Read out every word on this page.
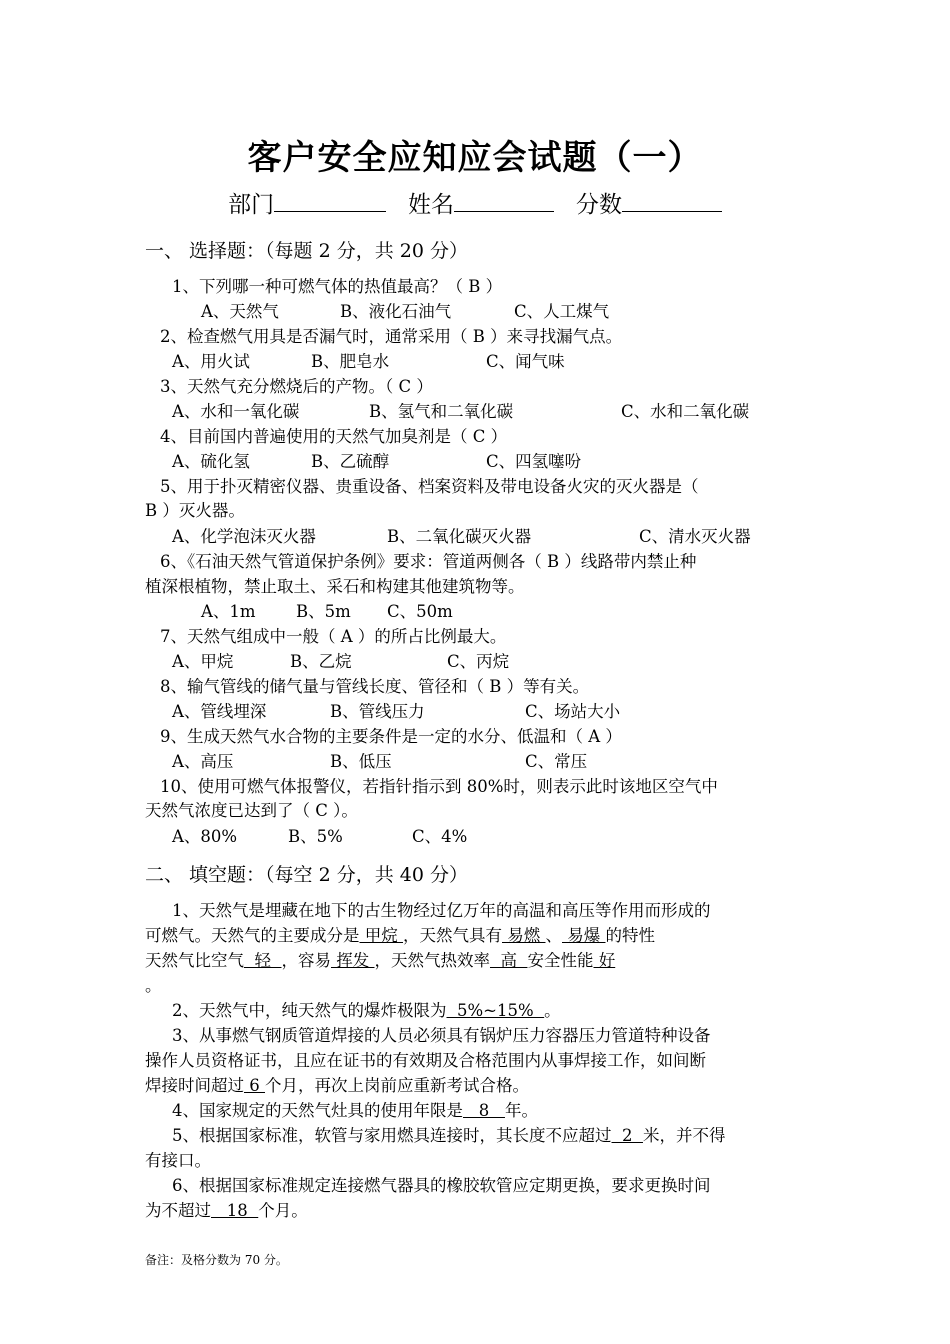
客户安全应知应会试题（一）
部门	姓名	分数
一、 选择题：（每题 2 分，共 20 分）
1、下列哪一种可燃气体的热值最高？（ B ）
A、天然气	B、液化石油气	C、人工煤气
2、检查燃气用具是否漏气时，通常采用（ B ）来寻找漏气点。
A、用火试	B、肥皂水	C、闻气味
3、天然气充分燃烧后的产物。（ C ）
A、水和一氧化碳	B、氢气和二氧化碳	C、水和二氧化碳
4、目前国内普遍使用的天然气加臭剂是（ C ）
A、硫化氢	B、乙硫醇	C、四氢噻吩
5、用于扑灭精密仪器、贵重设备、档案资料及带电设备火灾的灭火器是（
B ）灭火器。
A、化学泡沫灭火器	B、二氧化碳灭火器	C、清水灭火器
6、《石油天然气管道保护条例》要求：管道两侧各（ B ）线路带内禁止种
植深根植物，禁止取土、采石和构建其他建筑物等。
A、1m B、5m C、50m
7、天然气组成中一般（ A ）的所占比例最大。
A、甲烷	B、乙烷	C、丙烷
8、输气管线的储气量与管线长度、管径和（ B ）等有关。
A、管线埋深	B、管线压力	C、场站大小
9、生成天然气水合物的主要条件是一定的水分、低温和（ A ）
A、高压	B、低压	C、常压
10、使用可燃气体报警仪，若指针指示到 80%时，则表示此时该地区空气中
天然气浓度已达到了（ C ）。
A、80%	B、5%	C、4%
二、 填空题：（每空 2 分，共 40 分）
1、天然气是埋藏在地下的古生物经过亿万年的高温和高压等作用而形成的
可燃气。天然气的主要成分是 甲烷 ，天然气具有 易燃 、 易爆 的特性
天然气比空气  轻  ，容易 挥发 ，天然气热效率  高  安全性能 好
。
2、天然气中，纯天然气的爆炸极限为  5%~15%  。
3、从事燃气钢质管道焊接的人员必须具有锅炉压力容器压力管道特种设备
操作人员资格证书，且应在证书的有效期及合格范围内从事焊接工作，如间断
焊接时间超过 6 个月，再次上岗前应重新考试合格。
4、国家规定的天然气灶具的使用年限是   8   年。
5、根据国家标准，软管与家用燃具连接时，其长度不应超过  2  米，并不得
有接口。
6、根据国家标准规定连接燃气器具的橡胶软管应定期更换，要求更换时间
为不超过   18  个月。
备注：及格分数为 70 分。
